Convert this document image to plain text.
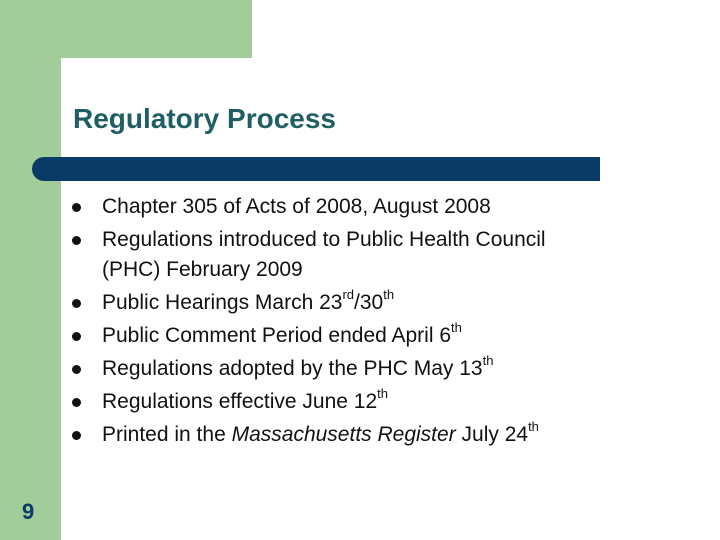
Regulatory Process
Chapter 305 of Acts of 2008, August 2008
Regulations introduced to Public Health Council
(PHC) February 2009
Public Hearings March 23rd/30th
Public Comment Period ended April 6th
Regulations adopted by the PHC May 13th
Regulations effective June 12th
Printed in the Massachusetts Register July 24th
9
